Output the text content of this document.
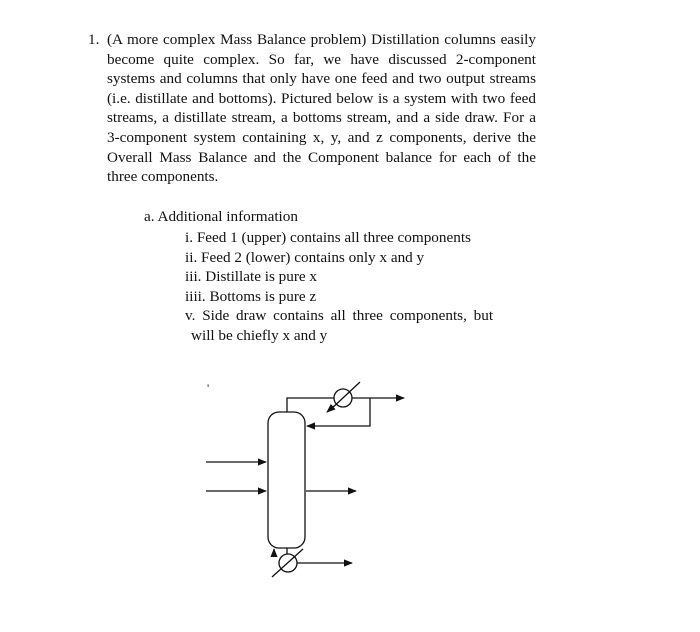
1. (A more complex Mass Balance problem) Distillation columns easily become quite complex. So far, we have discussed 2-component systems and columns that only have one feed and two output streams (i.e. distillate and bottoms). Pictured below is a system with two feed streams, a distillate stream, a bottoms stream, and a side draw. For a 3-component system containing x, y, and z components, derive the Overall Mass Balance and the Component balance for each of the three components.
a. Additional information
i. Feed 1 (upper) contains all three components
ii. Feed 2 (lower) contains only x and y
iii. Distillate is pure x
iiii. Bottoms is pure z
v. Side draw contains all three components, but
will be chiefly x and y
'
